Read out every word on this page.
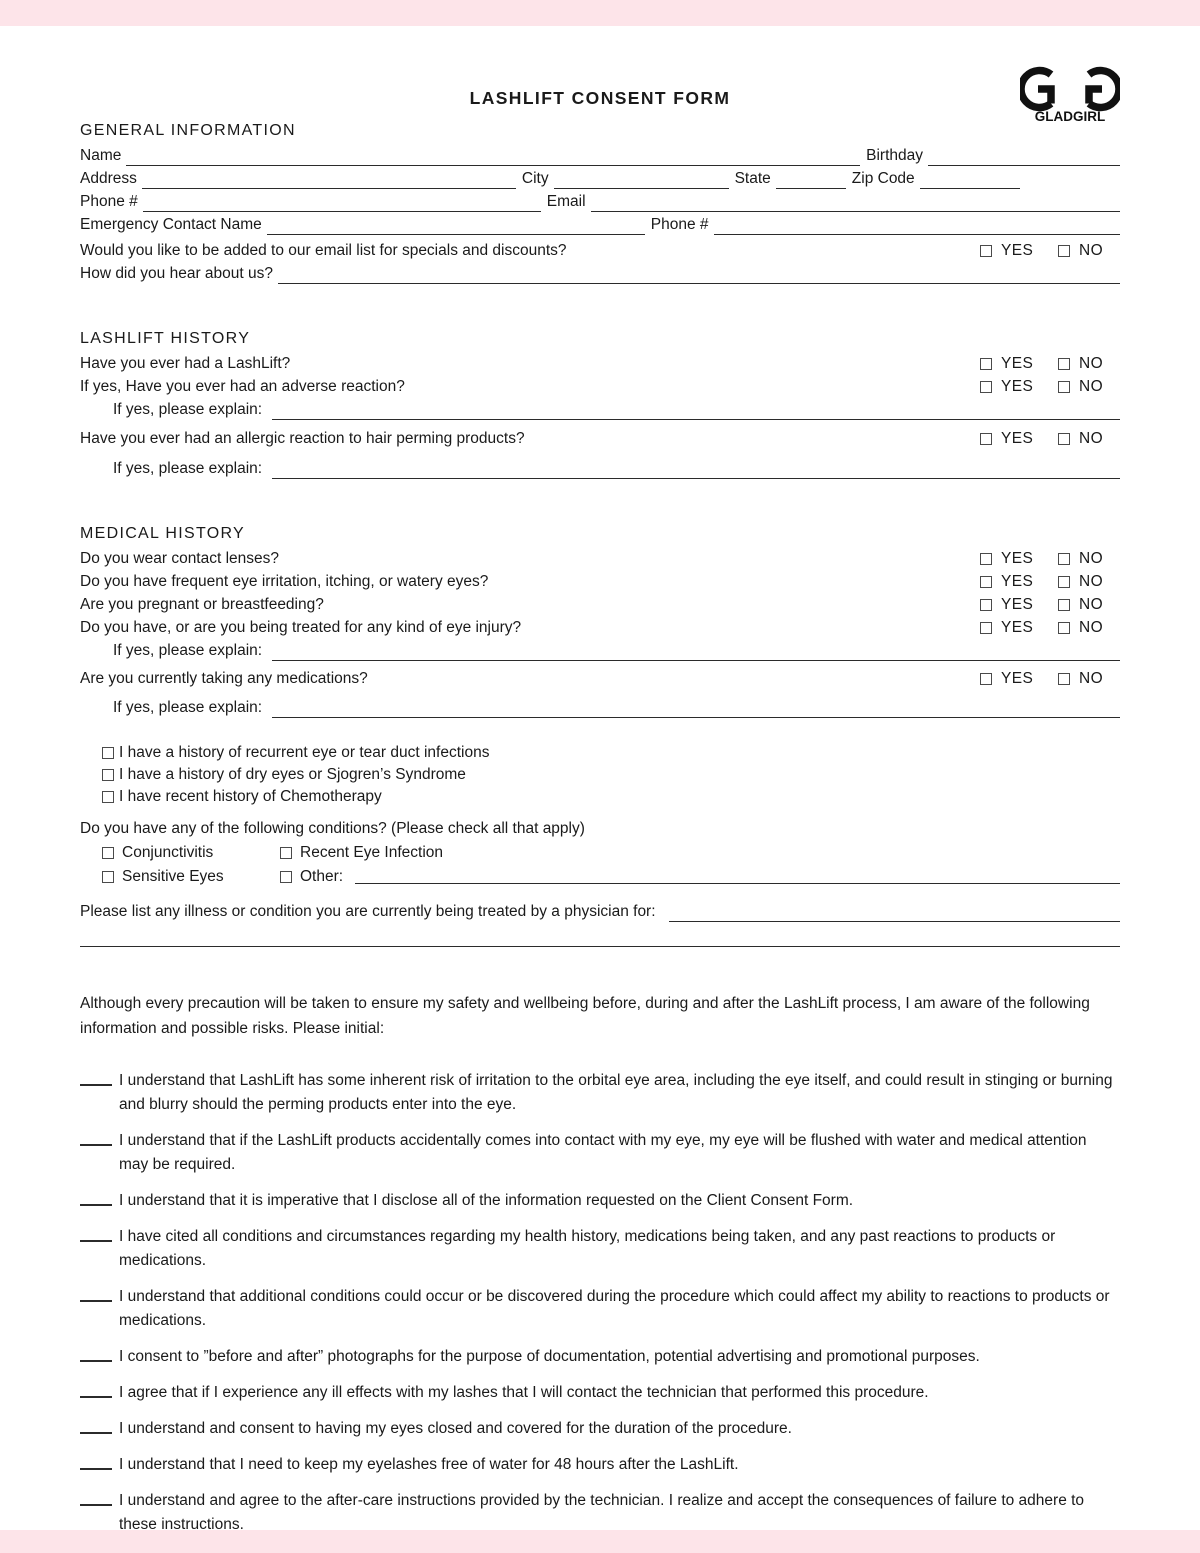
LASHLIFT CONSENT FORM
GLADGIRL
GENERAL INFORMATION
Name	Birthday
Address	City	State	Zip Code
Phone #	Email
Emergency Contact Name	Phone #
Would you like to be added to our email list for specials and discounts?	YES	NO
How did you hear about us?
LASHLIFT HISTORY
Have you ever had a LashLift?	YES	NO
If yes, Have you ever had an adverse reaction?	YES	NO
If yes, please explain:
Have you ever had an allergic reaction to hair perming products?	YES	NO
If yes, please explain:
MEDICAL HISTORY
Do you wear contact lenses?	YES	NO
Do you have frequent eye irritation, itching, or watery eyes?	YES	NO
Are you pregnant or breastfeeding?	YES	NO
Do you have, or are you being treated for any kind of eye injury?	YES	NO
If yes, please explain:
Are you currently taking any medications?	YES	NO
If yes, please explain:
I have a history of recurrent eye or tear duct infections
I have a history of dry eyes or Sjogren’s Syndrome
I have recent history of Chemotherapy
Do you have any of the following conditions? (Please check all that apply)
Conjunctivitis	Recent Eye Infection
Sensitive Eyes	Other:
Please list any illness or condition you are currently being treated by a physician for:
Although every precaution will be taken to ensure my safety and wellbeing before, during and after the LashLift process, I am aware of the following information and possible risks. Please initial:
I understand that LashLift has some inherent risk of irritation to the orbital eye area, including the eye itself, and could result in stinging or burning and blurry should the perming products enter into the eye.
I understand that if the LashLift products accidentally comes into contact with my eye, my eye will be flushed with water and medical attention may be required.
I understand that it is imperative that I disclose all of the information requested on the Client Consent Form.
I have cited all conditions and circumstances regarding my health history, medications being taken, and any past reactions to products or medications.
I understand that additional conditions could occur or be discovered during the procedure which could affect my ability to reactions to products or medications.
I consent to ”before and after” photographs for the purpose of documentation, potential advertising and promotional purposes.
I agree that if I experience any ill effects with my lashes that I will contact the technician that performed this procedure.
I understand and consent to having my eyes closed and covered for the duration of the procedure.
I understand that I need to keep my eyelashes free of water for 48 hours after the LashLift.
I understand and agree to the after-care instructions provided by the technician. I realize and accept the consequences of failure to adhere to these instructions.
